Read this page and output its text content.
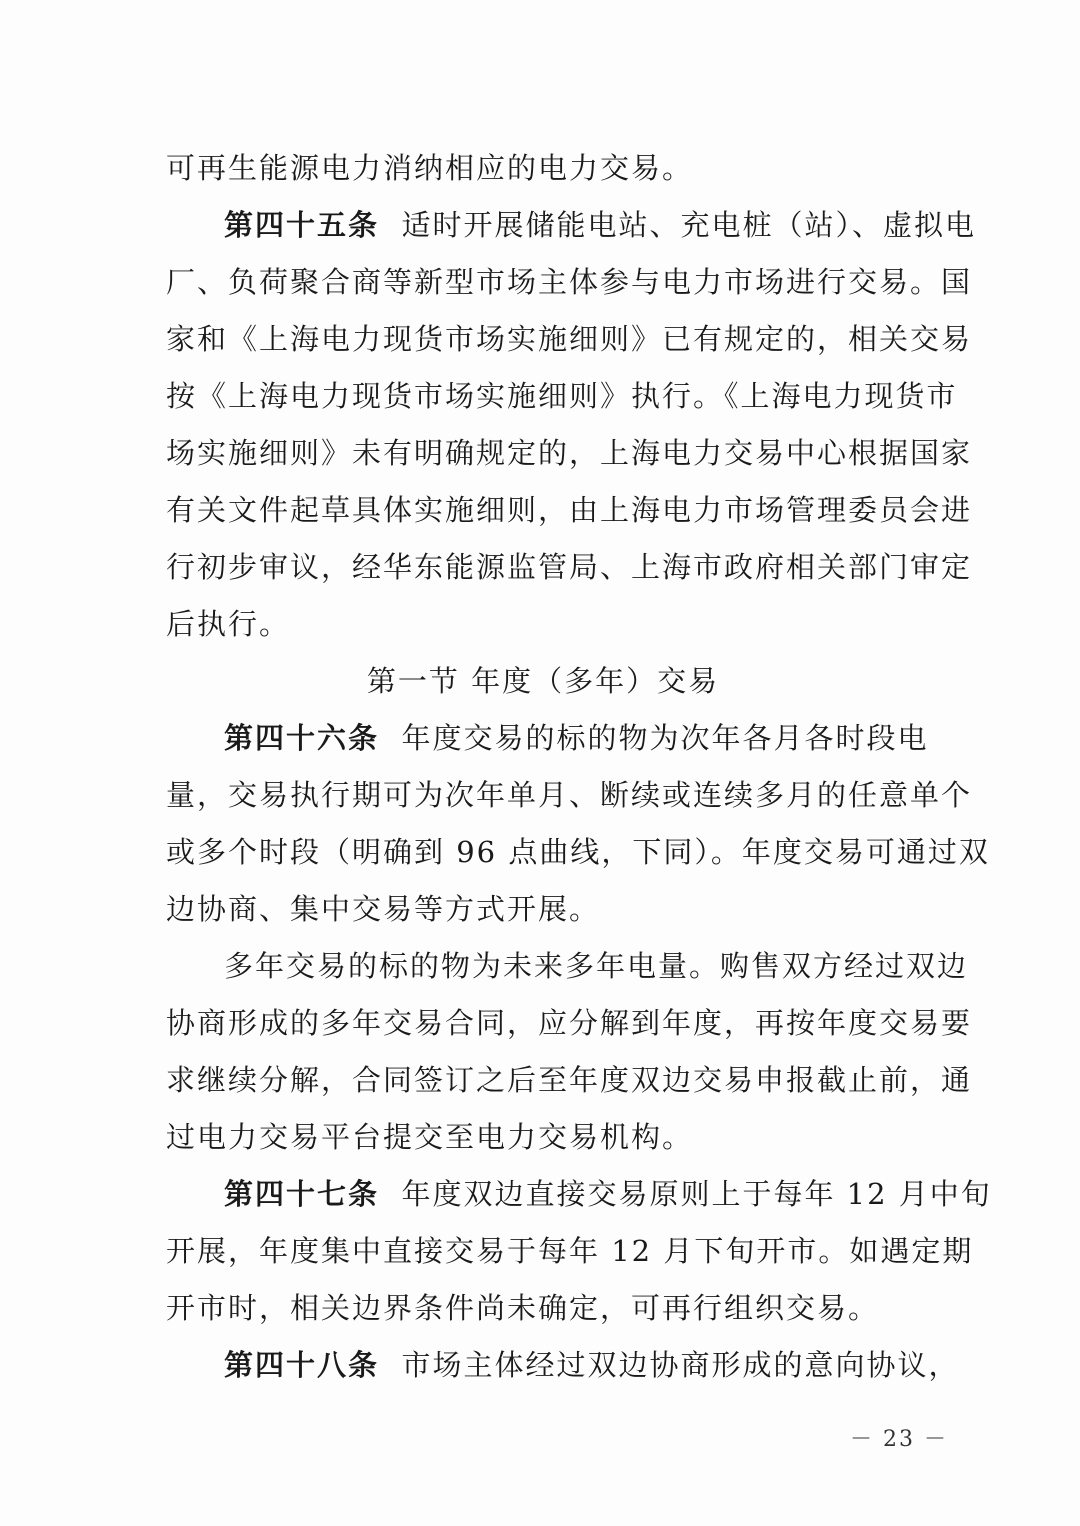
可再生能源电力消纳相应的电力交易。
第四十五条 适时开展储能电站、充电桩（站）、虚拟电
厂、负荷聚合商等新型市场主体参与电力市场进行交易。国
家和《上海电力现货市场实施细则》已有规定的，相关交易
按《上海电力现货市场实施细则》执行。《上海电力现货市
场实施细则》未有明确规定的，上海电力交易中心根据国家
有关文件起草具体实施细则，由上海电力市场管理委员会进
行初步审议，经华东能源监管局、上海市政府相关部门审定
后执行。
第一节 年度（多年）交易
第四十六条 年度交易的标的物为次年各月各时段电
量，交易执行期可为次年单月、断续或连续多月的任意单个
或多个时段（明确到 96 点曲线，下同）。年度交易可通过双
边协商、集中交易等方式开展。
多年交易的标的物为未来多年电量。购售双方经过双边
协商形成的多年交易合同，应分解到年度，再按年度交易要
求继续分解，合同签订之后至年度双边交易申报截止前，通
过电力交易平台提交至电力交易机构。
第四十七条 年度双边直接交易原则上于每年 12 月中旬
开展，年度集中直接交易于每年 12 月下旬开市。如遇定期
开市时，相关边界条件尚未确定，可再行组织交易。
第四十八条 市场主体经过双边协商形成的意向协议，
－ 23 －
